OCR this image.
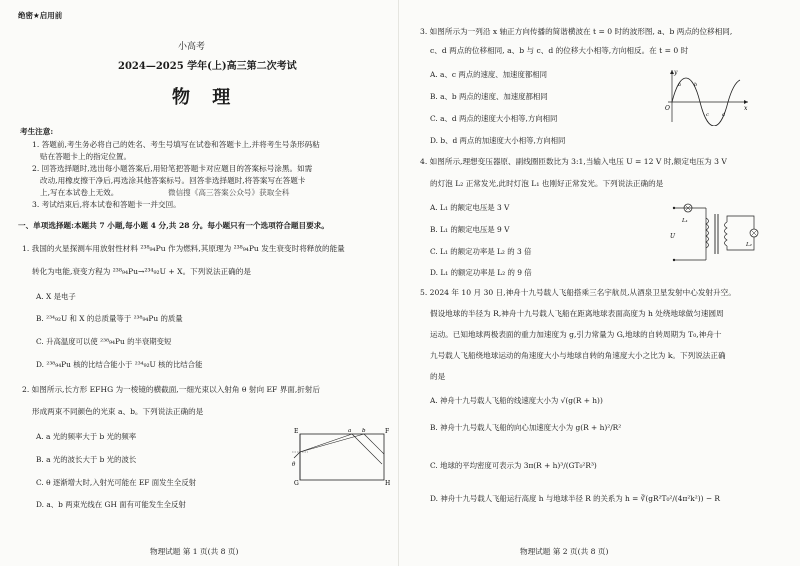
绝密★启用前
小高考
2024—2025 学年(上)高三第二次考试
物 理
考生注意:
1. 答题前,考生务必将自己的姓名、考生号填写在试卷和答题卡上,并将考生号条形码粘
贴在答题卡上的指定位置。
2. 回答选择题时,选出每小题答案后,用铅笔把答题卡对应题目的答案标号涂黑。如需
改动,用橡皮擦干净后,再选涂其他答案标号。回答非选择题时,将答案写在答题卡
上,写在本试卷上无效。	微信搜《高三答案公众号》获取全科
3. 考试结束后,将本试卷和答题卡一并交回。
一、单项选择题:本题共 7 小题,每小题 4 分,共 28 分。每小题只有一个选项符合题目要求。
1. 我国的火星探测车用放射性材料 ²³⁸₉₄Pu 作为燃料,其原理为 ²³⁸₉₄Pu 发生衰变时将释放的能量
转化为电能,衰变方程为 ²³⁸₉₄Pu→²³⁴₉₂U + X。下列说法正确的是
A. X 是电子
B. ²³⁴₉₂U 和 X 的总质量等于 ²³⁸₉₄Pu 的质量
C. 升高温度可以使 ²³⁸₉₄Pu 的半衰期变短
D. ²³⁸₉₄Pu 核的比结合能小于 ²³⁴₉₂U 核的比结合能
2. 如图所示,长方形 EFHG 为一棱镜的横截面,一细光束以入射角 θ 射向 EF 界面,折射后
形成两束不同颜色的光束 a、b。下列说法正确的是
A. a 光的频率大于 b 光的频率
B. a 光的波长大于 b 光的波长
C. θ 逐渐增大时,入射光可能在 EF 面发生全反射
D. a、b 两束光线在 GH 面有可能发生全反射
E	F
G	H
a b
θ
物理试题 第 1 页(共 8 页)
3. 如图所示为一列沿 x 轴正方向传播的简谐横波在 t = 0 时的波形图, a、b 两点的位移相同,
c、d 两点的位移相同, a、b 与 c、d 的位移大小相等,方向相反。在 t = 0 时
A. a、c 两点的速度、加速度都相同
B. a、b 两点的速度、加速度都相同
C. a、d 两点的速度大小相等,方向相同
D. b、d 两点的加速度大小相等,方向相同
y
x
O
a	b
c	d
4. 如图所示,理想变压器原、副线圈匝数比为 3:1,当输入电压 U = 12 V 时,额定电压为 3 V
的灯泡 L₂ 正常发光,此时灯泡 L₁ 也刚好正常发光。下列说法正确的是
A. L₁ 的额定电压是 3 V
B. L₁ 的额定电压是 9 V
C. L₁ 的额定功率是 L₂ 的 3 倍
D. L₁ 的额定功率是 L₂ 的 9 倍
L₁
L₂
U
5. 2024 年 10 月 30 日,神舟十九号载人飞船搭乘三名宇航员,从酒泉卫星发射中心发射升空。
假设地球的半径为 R,神舟十九号载人飞船在距离地球表面高度为 h 处绕地球做匀速圆周
运动。已知地球两极表面的重力加速度为 g,引力常量为 G,地球的自转周期为 T₀,神舟十
九号载人飞船绕地球运动的角速度大小与地球自转的角速度大小之比为 k。下列说法正确
的是
A. 神舟十九号载人飞船的线速度大小为 √(g(R + h))
B. 神舟十九号载人飞船的向心加速度大小为 g(R + h)²/R²
C. 地球的平均密度可表示为 3π(R + h)³/(GT₀²R³)
D. 神舟十九号载人飞船运行高度 h 与地球半径 R 的关系为 h = ∛(gR²T₀²/(4π²k²)) − R
物理试题 第 2 页(共 8 页)
